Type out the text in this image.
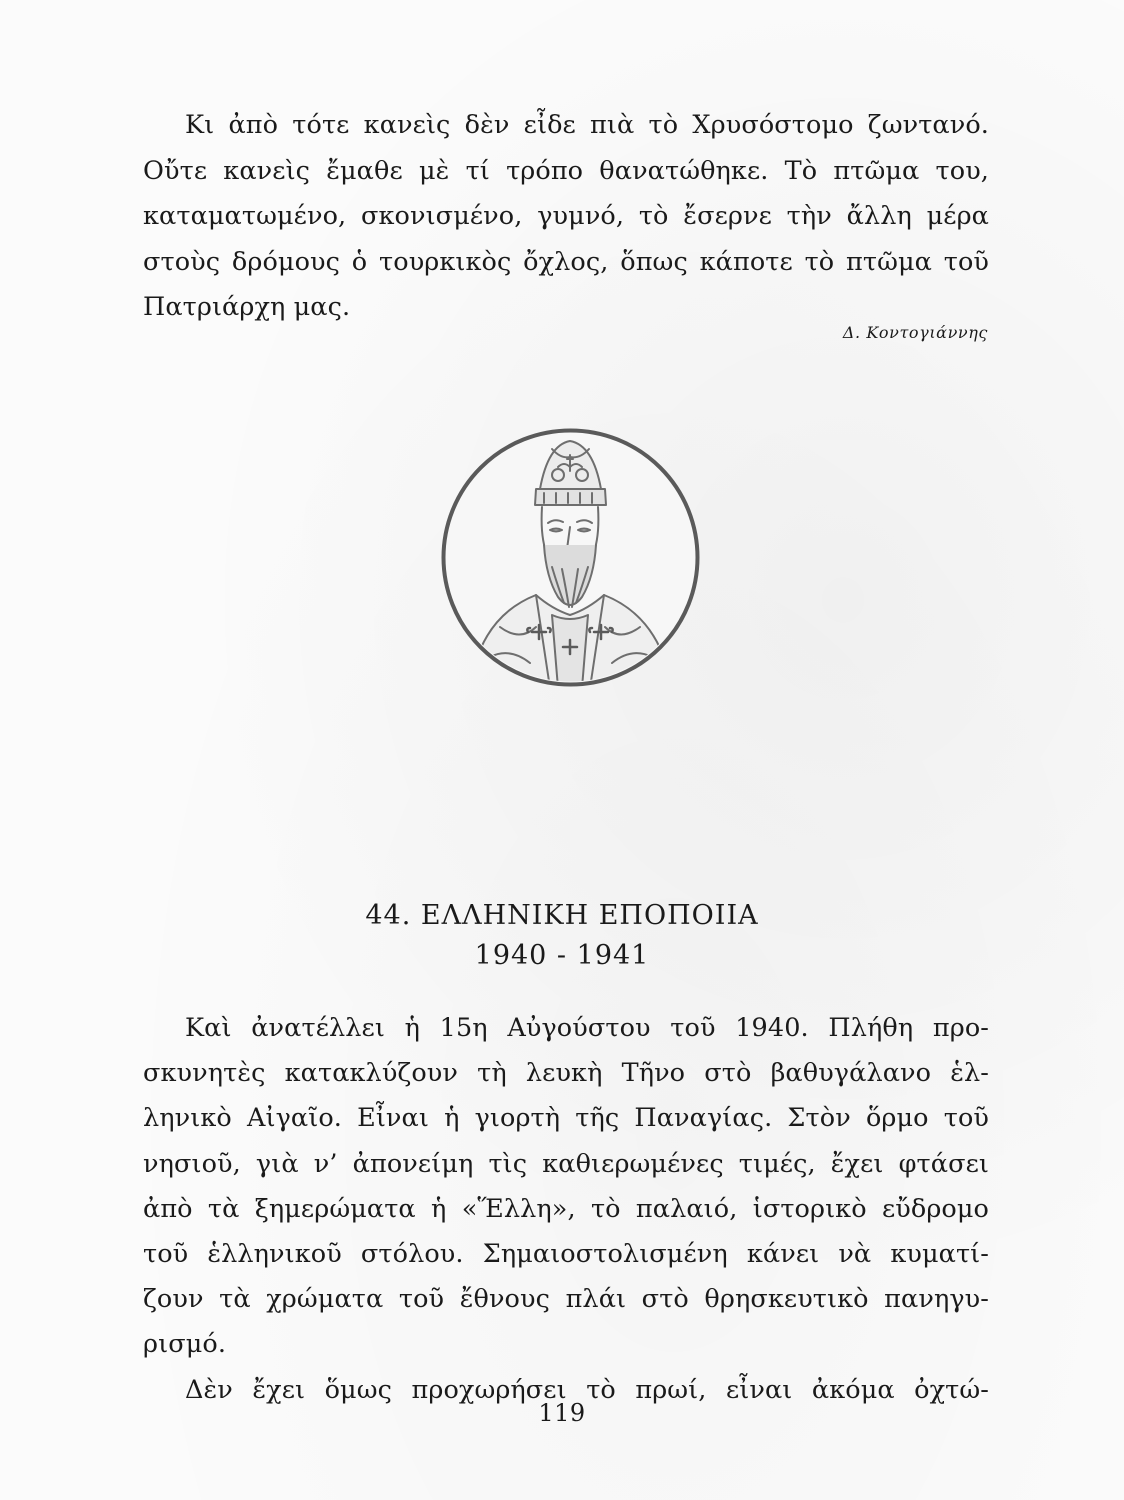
Κι ἀπὸ τότε κανεὶς δὲν εἶδε πιὰ τὸ Χρυσόστομο ζωντανό.
Οὔτε κανεὶς ἔμαθε μὲ τί τρόπο θανατώθηκε. Τὸ πτῶμα του,
καταματωμένο, σκονισμένο, γυμνό, τὸ ἔσερνε τὴν ἄλλη μέρα
στοὺς δρόμους ὁ τουρκικὸς ὄχλος, ὅπως κάποτε τὸ πτῶμα τοῦ
Πατριάρχη μας.
Δ. Κοντογιάννης
44. ΕΛΛΗΝΙΚΗ ΕΠΟΠΟΙΙΑ
1940 - 1941
Καὶ ἀνατέλλει ἡ 15η Αὐγούστου τοῦ 1940. Πλήθη προ-
σκυνητὲς κατακλύζουν τὴ λευκὴ Τῆνο στὸ βαθυγάλανο ἑλ-
ληνικὸ Αἰγαῖο. Εἶναι ἡ γιορτὴ τῆς Παναγίας. Στὸν ὅρμο τοῦ
νησιοῦ, γιὰ ν’ ἀπονείμη τὶς καθιερωμένες τιμές, ἔχει φτάσει
ἀπὸ τὰ ξημερώματα ἡ «Ἕλλη», τὸ παλαιό, ἱστορικὸ εὔδρομο
τοῦ ἑλληνικοῦ στόλου. Σημαιοστολισμένη κάνει νὰ κυματί-
ζουν τὰ χρώματα τοῦ ἔθνους πλάι στὸ θρησκευτικὸ πανηγυ-
ρισμό.
Δὲν ἔχει ὅμως προχωρήσει τὸ πρωί, εἶναι ἀκόμα ὀχτώ-
119
